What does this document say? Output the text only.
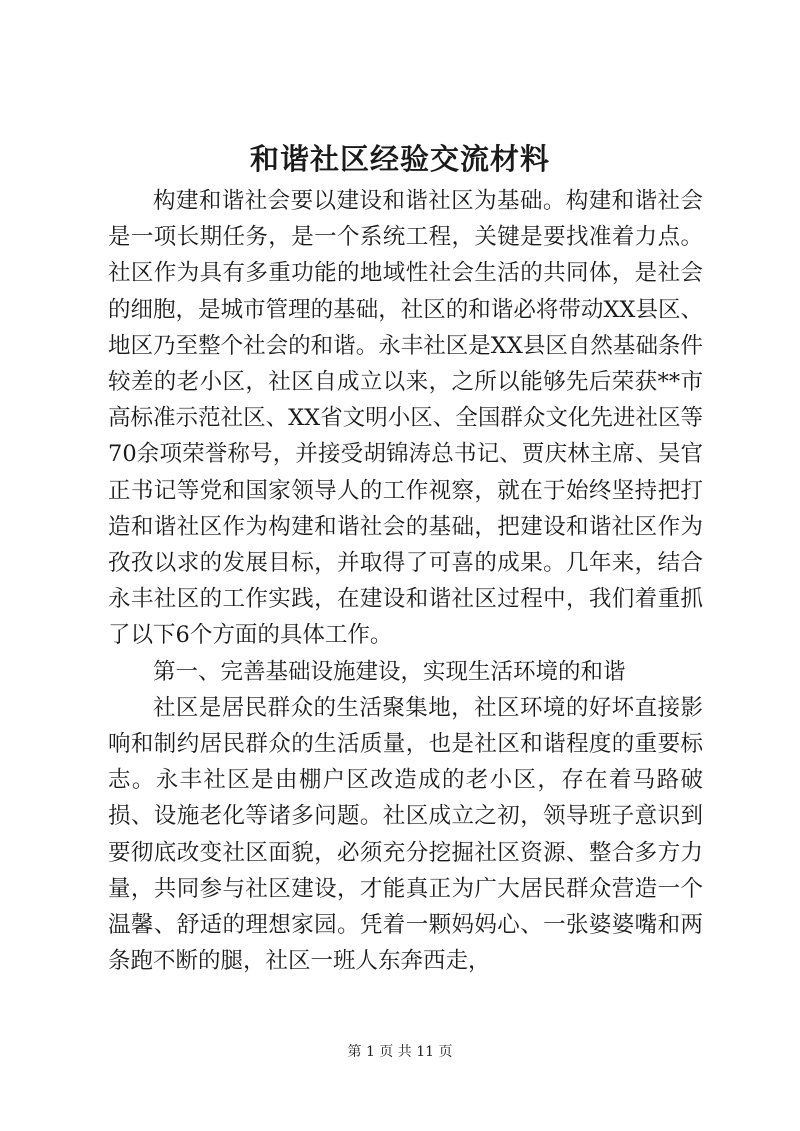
和谐社区经验交流材料

构建和谐社会要以建设和谐社区为基础。构建和谐社会是一项长期任务，是一个系统工程，关键是要找准着力点。社区作为具有多重功能的地域性社会生活的共同体，是社会的细胞，是城市管理的基础，社区的和谐必将带动XX县区、地区乃至整个社会的和谐。永丰社区是XX县区自然基础条件较差的老小区，社区自成立以来，之所以能够先后荣获**市高标准示范社区、XX省文明小区、全国群众文化先进社区等70余项荣誉称号，并接受胡锦涛总书记、贾庆林主席、吴官正书记等党和国家领导人的工作视察，就在于始终坚持把打造和谐社区作为构建和谐社会的基础，把建设和谐社区作为孜孜以求的发展目标，并取得了可喜的成果。几年来，结合永丰社区的工作实践，在建设和谐社区过程中，我们着重抓了以下6个方面的具体工作。

第一、完善基础设施建设，实现生活环境的和谐

社区是居民群众的生活聚集地，社区环境的好坏直接影响和制约居民群众的生活质量，也是社区和谐程度的重要标志。永丰社区是由棚户区改造成的老小区，存在着马路破损、设施老化等诸多问题。社区成立之初，领导班子意识到要彻底改变社区面貌，必须充分挖掘社区资源、整合多方力量，共同参与社区建设，才能真正为广大居民群众营造一个温馨、舒适的理想家园。凭着一颗妈妈心、一张婆婆嘴和两条跑不断的腿，社区一班人东奔西走，

第 1 页 共 11 页
